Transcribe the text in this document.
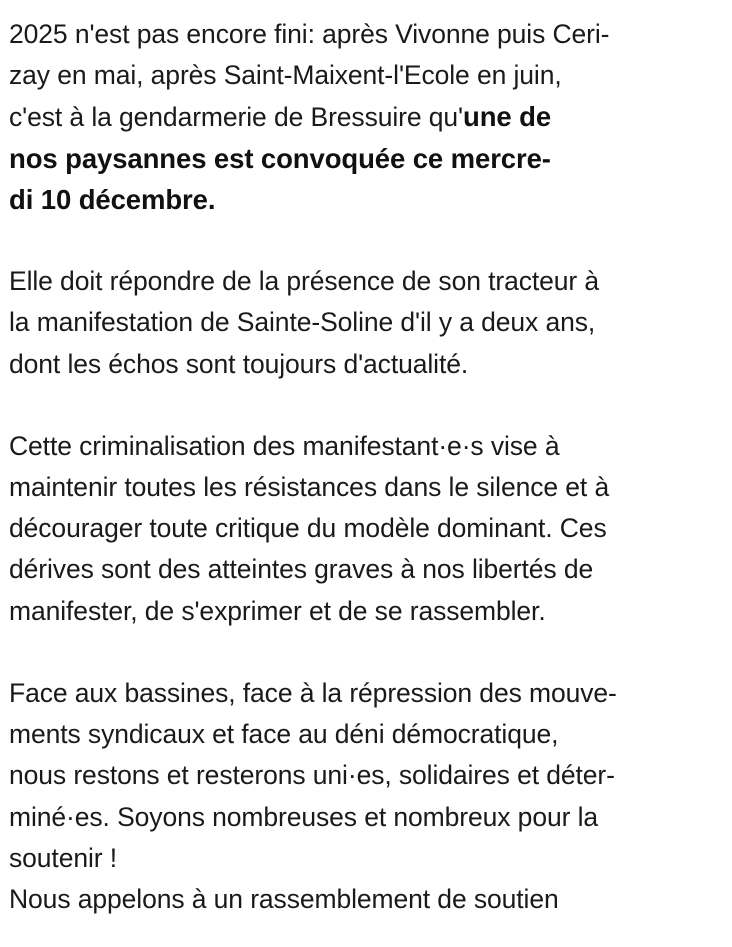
2025 n'est pas encore fini: après Vivonne puis Ceri-
zay en mai, après Saint-Maixent-l'Ecole en juin,
c'est à la gendarmerie de Bressuire qu'une de
nos paysannes est convoquée ce mercre-
di 10 décembre.
Elle doit répondre de la présence de son tracteur à
la manifestation de Sainte-Soline d'il y a deux ans,
dont les échos sont toujours d'actualité.
Cette criminalisation des manifestant·e·s vise à
maintenir toutes les résistances dans le silence et à
décourager toute critique du modèle dominant. Ces
dérives sont des atteintes graves à nos libertés de
manifester, de s'exprimer et de se rassembler.
Face aux bassines, face à la répression des mouve-
ments syndicaux et face au déni démocratique,
nous restons et resterons uni·es, solidaires et déter-
miné·es. Soyons nombreuses et nombreux pour la
soutenir !
Nous appelons à un rassemblement de soutien
